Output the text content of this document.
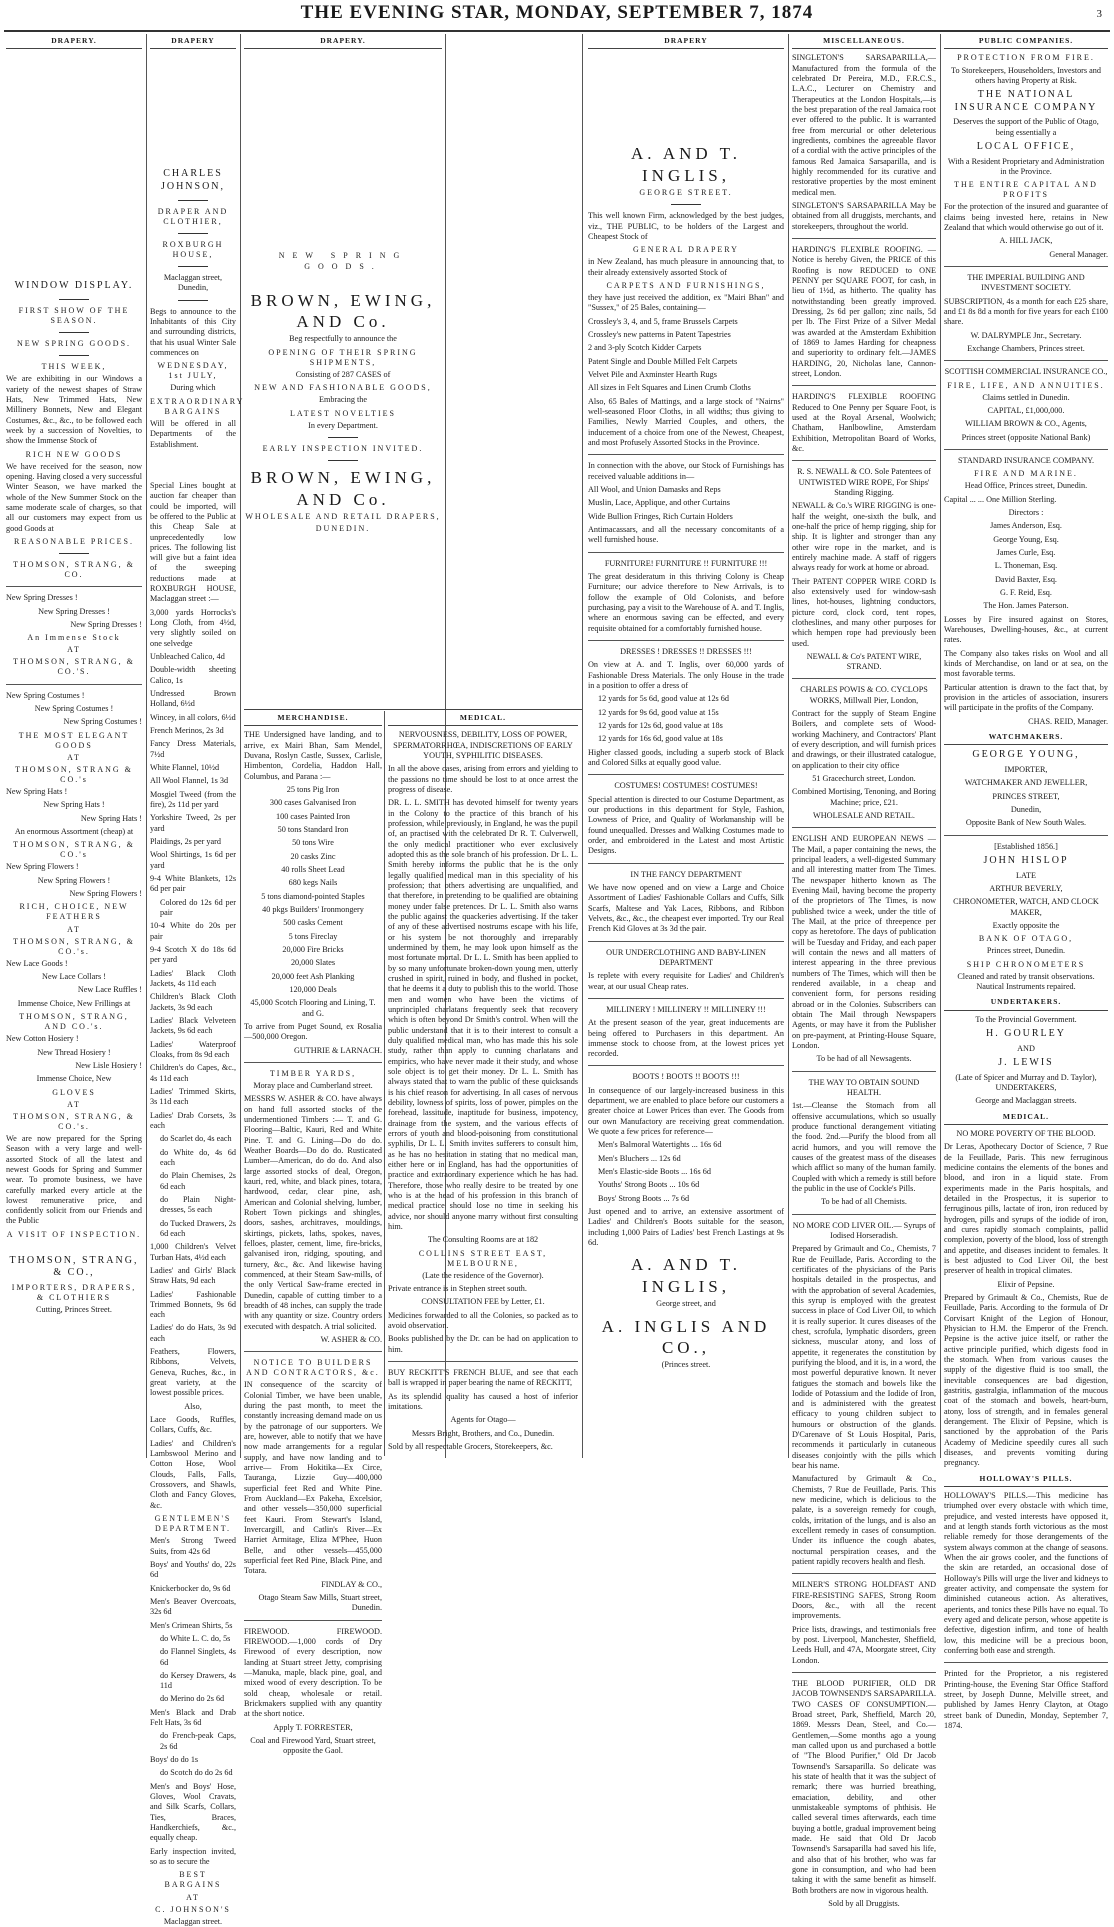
THE EVENING STAR, MONDAY, SEPTEMBER 7, 1874	3
DRAPERY.
WINDOW DISPLAY.
FIRST SHOW OF THE SEASON.
NEW SPRING GOODS.
THIS WEEK,
We are exhibiting in our Windows a variety of the newest shapes of Straw Hats, New Trimmed Hats, New Millinery Bonnets, New and Elegant Costumes, &c., &c., to be followed each week by a succession of Novelties, to show the Immense Stock of
RICH NEW GOODS
We have received for the season, now opening. Having closed a very successful Winter Season, we have marked the whole of the New Summer Stock on the same moderate scale of charges, so that all our customers may expect from us good Goods at
REASONABLE PRICES.
THOMSON, STRANG, & CO.
New Spring Dresses !
New Spring Dresses !
New Spring Dresses !
An Immense Stock
AT
THOMSON, STRANG, & CO.'S.
New Spring Costumes !
New Spring Costumes !
New Spring Costumes !
THE MOST ELEGANT GOODS
AT
THOMSON, STRANG & CO.'s
New Spring Hats !
New Spring Hats !
New Spring Hats !
An enormous Assortment (cheap) at
THOMSON, STRANG, & CO.'s
New Spring Flowers !
New Spring Flowers !
New Spring Flowers !
RICH, CHOICE, NEW FEATHERS
AT
THOMSON, STRANG, & CO.'s.
New Lace Goods !
New Lace Collars !
New Lace Ruffles !
Immense Choice, New Frillings at
THOMSON, STRANG, AND CO.'s.
New Cotton Hosiery !
New Thread Hosiery !
New Lisle Hosiery !
Immense Choice, New
GLOVES
AT
THOMSON, STRANG, & CO.'s.
We are now prepared for the Spring Season with a very large and well-assorted Stock of all the latest and newest Goods for Spring and Summer wear. To promote business, we have carefully marked every article at the lowest remunerative price, and confidently solicit from our Friends and the Public
A VISIT OF INSPECTION.
THOMSON, STRANG, & CO.,
IMPORTERS, DRAPERS, & CLOTHIERS
Cutting, Princes Street.
DRAPERY
CHARLES JOHNSON,
DRAPER AND CLOTHIER,
ROXBURGH HOUSE,
Maclaggan street, Dunedin,
Begs to announce to the Inhabitants of this City and surrounding districts, that his usual Winter Sale commences on
WEDNESDAY, 1st JULY,
During which
EXTRAORDINARY BARGAINS
Will be offered in all Departments of the Establishment.
Special Lines bought at auction far cheaper than could be imported, will be offered to the Public at this Cheap Sale at unprecedentedly low prices. The following list will give but a faint idea of the sweeping reductions made at ROXBURGH HOUSE, Maclaggan street :—
3,000 yards Horrocks's Long Cloth, from 4½d, very slightly soiled on one selvedge
Unbleached Calico, 4d
Double-width sheeting Calico, 1s
Undressed Brown Holland, 6½d
Wincey, in all colors, 6½d
French Merinos, 2s 3d
Fancy Dress Materials, 7½d
White Flannel, 10½d
All Wool Flannel, 1s 3d
Mosgiel Tweed (from the fire), 2s 11d per yard
Yorkshire Tweed, 2s per yard
Plaidings, 2s per yard
Wool Shirtings, 1s 6d per yard
9-4 White Blankets, 12s 6d per pair
Colored do 12s 6d per pair
10-4 White do 20s per pair
9-4 Scotch X do 18s 6d per yard
Ladies' Black Cloth Jackets, 4s 11d each
Children's Black Cloth Jackets, 3s 9d each
Ladies' Black Velveteen Jackets, 9s 6d each
Ladies' Waterproof Cloaks, from 8s 9d each
Children's do Capes, &c., 4s 11d each
Ladies' Trimmed Skirts, 3s 11d each
Ladies' Drab Corsets, 3s each
do Scarlet do, 4s each
do White do, 4s 6d each
do Plain Chemises, 2s 6d each
do Plain Night-dresses, 5s each
do Tucked Drawers, 2s 6d each
1,000 Children's Velvet Turban Hats, 4½d each
Ladies' and Girls' Black Straw Hats, 9d each
Ladies' Fashionable Trimmed Bonnets, 9s 6d each
Ladies' do do Hats, 3s 9d each
Feathers, Flowers, Ribbons, Velvets, Geneva, Ruches, &c., in great variety, at the lowest possible prices.
Also,
Lace Goods, Ruffles, Collars, Cuffs, &c.
Ladies' and Children's Lambswool Merino and Cotton Hose, Wool Clouds, Falls, Falls, Crossovers, and Shawls, Cloth and Fancy Gloves, &c.
GENTLEMEN'S DEPARTMENT.
Men's Strong Tweed Suits, from 42s 6d
Boys' and Youths' do, 22s 6d
Knickerbocker do, 9s 6d
Men's Beaver Overcoats, 32s 6d
Men's Crimean Shirts, 5s
do White L. C. do, 5s
do Flannel Singlets, 4s 6d
do Kersey Drawers, 4s 11d
do Merino do 2s 6d
Men's Black and Drab Felt Hats, 3s 6d
do French-peak Caps, 2s 6d
Boys' do do 1s
do Scotch do do 2s 6d
Men's and Boys' Hose, Gloves, Wool Cravats, and Silk Scarfs, Collars, Ties, Braces, Handkerchiefs, &c., equally cheap.
Early inspection invited, so as to secure the
BEST BARGAINS
AT
C. JOHNSON'S
Maclaggan street.
DRAPERY.
NEW SPRING GOODS.
BROWN, EWING, AND Co.
Beg respectfully to announce the
OPENING OF THEIR SPRING SHIPMENTS,
Consisting of 287 CASES of
NEW AND FASHIONABLE GOODS,
Embracing the
LATEST NOVELTIES
In every Department.
EARLY INSPECTION INVITED.
BROWN, EWING, AND Co.
WHOLESALE AND RETAIL DRAPERS,
DUNEDIN.
MERCHANDISE.
THE Undersigned have landing, and to arrive, ex Mairi Bhan, Sam Mendel, Duvana, Roslyn Castle, Sussex, Carlisle, Himbenton, Cordelia, Haddon Hall, Columbus, and Parana :—
25 tons Pig Iron
300 cases Galvanised Iron
100 cases Painted Iron
50 tons Standard Iron
50 tons Wire
20 casks Zinc
40 rolls Sheet Lead
680 kegs Nails
5 tons diamond-pointed Staples
40 pkgs Builders' Ironmongery
500 casks Cement
5 tons Fireclay
20,000 Fire Bricks
20,000 Slates
20,000 feet Ash Planking
120,000 Deals
45,000 Scotch Flooring and Lining, T. and G.
To arrive from Puget Sound, ex Rosalia —500,000 Oregon.
GUTHRIE & LARNACH.
TIMBER YARDS,
Moray place and Cumberland street.
MESSRS W. ASHER & CO. have always on hand full assorted stocks of the undermentioned Timbers :— T. and G. Flooring—Baltic, Kauri, Red and White Pine. T. and G. Lining—Do do do. Weather Boards—Do do do. Rusticated Lumber—American, do do do. And also large assorted stocks of deal, Oregon, kauri, red, white, and black pines, totara, hardwood, cedar, clear pine, ash, American and Colonial shelving, lumber, Robert Town pickings and shingles, doors, sashes, architraves, mouldings, skirtings, pickets, laths, spokes, naves, felloes, plaster, cement, lime, fire-bricks, galvanised iron, ridging, spouting, and turnery, &c., &c. And likewise having commenced, at their Steam Saw-mills, of the only Vertical Saw-frame erected in Dunedin, capable of cutting timber to a breadth of 48 inches, can supply the trade with any quantity or size. Country orders executed with despatch. A trial solicited.
W. ASHER & CO.
NOTICE TO BUILDERS AND CONTRACTORS, &c.
IN consequence of the scarcity of Colonial Timber, we have been unable, during the past month, to meet the constantly increasing demand made on us by the patronage of our supporters. We are, however, able to notify that we have now made arrangements for a regular supply, and have now landing and to arrive— From Hokitika—Ex Circe, Tauranga, Lizzie Guy—400,000 superficial feet Red and White Pine. From Auckland—Ex Pakeha, Excelsior, and other vessels—350,000 superficial feet Kauri. From Stewart's Island, Invercargill, and Catlin's River—Ex Harriet Armitage, Eliza M'Phee, Huon Belle, and other vessels—455,000 superficial feet Red Pine, Black Pine, and Totara.
FINDLAY & CO.,
Otago Steam Saw Mills, Stuart street, Dunedin.
FIREWOOD. FIREWOOD. FIREWOOD.—1,000 cords of Dry Firewood of every description, now landing at Stuart street Jetty, comprising—Manuka, maple, black pine, goal, and mixed wood of every description. To be sold cheap, wholesale or retail. Brickmakers supplied with any quantity at the short notice.
Apply T. FORRESTER,
Coal and Firewood Yard, Stuart street, opposite the Gaol.
MEDICAL.
NERVOUSNESS, DEBILITY, LOSS OF POWER, SPERMATORRHŒA, INDISCRETIONS OF EARLY YOUTH, SYPHILITIC DISEASES.
In all the above cases, arising from errors and yielding to the passions no time should be lost to at once arrest the progress of disease.
DR. L. L. SMITH has devoted himself for twenty years in the Colony to the practice of this branch of his profession, while previously, in England, he was the pupil of, an practised with the celebrated Dr R. T. Culverwell, the only medical practitioner who ever exclusively adopted this as the sole branch of his profession. Dr L. L. Smith hereby informs the public that he is the only legally qualified medical man in this speciality of his profession; that others advertising are unqualified, and that therefore, in pretending to be qualified are obtaining money under false pretences. Dr L. L. Smith also warns the public against the quackeries advertising. If the taker of any of these advertised nostrums escape with his life, or his system be not thoroughly and irreparably undermined by them, he may look upon himself as the most fortunate mortal. Dr L. L. Smith has been applied to by so many unfortunate broken-down young men, utterly crushed in spirit, ruined in body, and flushed in pocket, that he deems it a duty to publish this to the world. Those men and women who have been the victims of unprincipled charlatans frequently seek that recovery which is often beyond Dr Smith's control. When will the public understand that it is to their interest to consult a duly qualified medical man, who has made this his sole study, rather than apply to cunning charlatans and empirics, who have never made it their study, and whose sole object is to get their money. Dr L. L. Smith has always stated that to warn the public of these quicksands is his chief reason for advertising. In all cases of nervous debility, lowness of spirits, loss of power, pimples on the forehead, lassitude, inaptitude for business, impotency, drainage from the system, and the various effects of errors of youth and blood-poisoning from constitutional syphilis, Dr L. L. Smith invites sufferers to consult him, as he has no hesitation in stating that no medical man, either here or in England, has had the opportunities of practice and extraordinary experience which he has had. Therefore, those who really desire to be treated by one who is at the head of his profession in this branch of medical practice should lose no time in seeking his advice, nor should anyone marry without first consulting him.
The Consulting Rooms are at 182
COLLINS STREET EAST, MELBOURNE,
(Late the residence of the Governor).
Private entrance is in Stephen street south.
CONSULTATION FEE by Letter, £1.
Medicines forwarded to all the Colonies, so packed as to avoid observation.
Books published by the Dr. can be had on application to him.
BUY RECKITT'S FRENCH BLUE, and see that each ball is wrapped in paper bearing the name of RECKITT,
As its splendid quality has caused a host of inferior imitations.
Agents for Otago—
Messrs Bright, Brothers, and Co., Dunedin.
Sold by all respectable Grocers, Storekeepers, &c.
DRAPERY
A. AND T. INGLIS,
GEORGE STREET.
This well known Firm, acknowledged by the best judges, viz., THE PUBLIC, to be holders of the Largest and Cheapest Stock of
GENERAL DRAPERY
in New Zealand, has much pleasure in announcing that, to their already extensively assorted Stock of
CARPETS AND FURNISHINGS,
they have just received the addition, ex "Mairi Bhan" and "Sussex," of 25 Bales, containing—
Crossley's 3, 4, and 5, frame Brussels Carpets
Crossley's new patterns in Patent Tapestries
2 and 3-ply Scotch Kidder Carpets
Patent Single and Double Milled Felt Carpets
Velvet Pile and Axminster Hearth Rugs
All sizes in Felt Squares and Linen Crumb Cloths
Also, 65 Bales of Mattings, and a large stock of "Nairns" well-seasoned Floor Cloths, in all widths; thus giving to Families, Newly Married Couples, and others, the inducement of a choice from one of the Newest, Cheapest, and most Profusely Assorted Stocks in the Province.
In connection with the above, our Stock of Furnishings has received valuable additions in—
All Wool, and Union Damasks and Reps
Muslin, Lace, Applique, and other Curtains
Wide Bullion Fringes, Rich Curtain Holders
Antimacassars, and all the necessary concomitants of a well furnished house.
FURNITURE! FURNITURE !! FURNITURE !!!
The great desideratum in this thriving Colony is Cheap Furniture; our advice therefore to New Arrivals, is to follow the example of Old Colonists, and before purchasing, pay a visit to the Warehouse of A. and T. Inglis, where an enormous saving can be effected, and every requisite obtained for a comfortably furnished house.
DRESSES ! DRESSES !! DRESSES !!!
On view at A. and T. Inglis, over 60,000 yards of Fashionable Dress Materials. The only House in the trade in a position to offer a dress of
12 yards for 5s 6d, good value at 12s 6d
12 yards for 9s 6d, good value at 15s
12 yards for 12s 6d, good value at 18s
12 yards for 16s 6d, good value at 18s
Higher classed goods, including a superb stock of Black and Colored Silks at equally good value.
COSTUMES! COSTUMES! COSTUMES!
Special attention is directed to our Costume Department, as our productions in this department for Style, Fashion, Lowness of Price, and Quality of Workmanship will be found unequalled. Dresses and Walking Costumes made to order, and embroidered in the Latest and most Artistic Designs.
IN THE FANCY DEPARTMENT
We have now opened and on view a Large and Choice Assortment of Ladies' Fashionable Collars and Cuffs, Silk Scarfs, Maltese and Yak Laces, Ribbons, and Ribbon Velvets, &c., &c., the cheapest ever imported. Try our Real French Kid Gloves at 3s 3d the pair.
OUR UNDERCLOTHING AND BABY-LINEN DEPARTMENT
Is replete with every requisite for Ladies' and Children's wear, at our usual Cheap rates.
MILLINERY ! MILLINERY !! MILLINERY !!!
At the present season of the year, great inducements are being offered to Purchasers in this department. An immense stock to choose from, at the lowest prices yet recorded.
BOOTS ! BOOTS !! BOOTS !!!
In consequence of our largely-increased business in this department, we are enabled to place before our customers a greater choice at Lower Prices than ever. The Goods from our own Manufactory are receiving great commendation. We quote a few prices for reference—
Men's Balmoral Watertights ... 16s 6d
Men's Bluchers ... 12s 6d
Men's Elastic-side Boots ... 16s 6d
Youths' Strong Boots ... 10s 6d
Boys' Strong Boots ... 7s 6d
Just opened and to arrive, an extensive assortment of Ladies' and Children's Boots suitable for the season, including 1,000 Pairs of Ladies' best French Lastings at 9s 6d.
A. AND T. INGLIS,
George street, and
A. INGLIS AND CO.,
(Princes street.
MISCELLANEOUS.
SINGLETON'S SARSAPARILLA,— Manufactured from the formula of the celebrated Dr Pereira, M.D., F.R.C.S., L.A.C., Lecturer on Chemistry and Therapeutics at the London Hospitals,—is the best preparation of the real Jamaica root ever offered to the public. It is warranted free from mercurial or other deleterious ingredients, combines the agreeable flavor of a cordial with the active principles of the famous Red Jamaica Sarsaparilla, and is highly recommended for its curative and restorative properties by the most eminent medical men.
SINGLETON'S SARSAPARILLA May be obtained from all druggists, merchants, and storekeepers, throughout the world.
HARDING'S FLEXIBLE ROOFING. —Notice is hereby Given, the PRICE of this Roofing is now REDUCED to ONE PENNY per SQUARE FOOT, for cash, in lieu of 1½d, as hitherto. The quality has notwithstanding been greatly improved. Dressing, 2s 6d per gallon; zinc nails, 5d per lb. The First Prize of a Silver Medal was awarded at the Amsterdam Exhibition of 1869 to James Harding for cheapness and superiority to ordinary felt.—JAMES HARDING, 20, Nicholas lane, Cannon-street, London.
HARDING'S FLEXIBLE ROOFING Reduced to One Penny per Square Foot, is used at the Royal Arsenal, Woolwich; Chatham, Hanlbowline, Amsterdam Exhibition, Metropolitan Board of Works, &c.
R. S. NEWALL & CO. Sole Patentees of UNTWISTED WIRE ROPE, For Ships' Standing Rigging.
NEWALL & Co.'s WIRE RIGGING is one-half the weight, one-sixth the bulk, and one-half the price of hemp rigging, ship for ship. It is lighter and stronger than any other wire rope in the market, and is entirely machine made. A staff of riggers always ready for work at home or abroad.
Their PATENT COPPER WIRE CORD Is also extensively used for window-sash lines, hot-houses, lightning conductors, picture cord, clock cord, tent ropes, clotheslines, and many other purposes for which hempen rope had previously been used.
NEWALL & Co's PATENT WIRE, STRAND.
CHARLES POWIS & CO. CYCLOPS WORKS, Millwall Pier, London,
Contract for the supply of Steam Engine Boilers, and complete sets of Wood-working Machinery, and Contractors' Plant of every description, and will furnish prices and drawings, or their illustrated catalogue, on application to their city office
51 Gracechurch street, London.
Combined Mortising, Tenoning, and Boring Machine; price, £21.
WHOLESALE AND RETAIL.
ENGLISH AND EUROPEAN NEWS —The Mail, a paper containing the news, the principal leaders, a well-digested Summary and all interesting matter from The Times. The newspaper hitherto known as The Evening Mail, having become the property of the proprietors of The Times, is now published twice a week, under the title of The Mail, at the price of threepence per copy as heretofore. The days of publication will be Tuesday and Friday, and each paper will contain the news and all matters of interest appearing in the three previous numbers of The Times, which will then be rendered available, in a cheap and convenient form, for persons residing abroad or in the Colonies. Subscribers can obtain The Mail through Newspapers Agents, or may have it from the Publisher on pre-payment, at Printing-House Square, London.
To be had of all Newsagents.
THE WAY TO OBTAIN SOUND HEALTH.
1st.—Cleanse the Stomach from all offensive accumulations, which so usually produce functional derangement vitiating the food. 2nd.—Purify the blood from all acrid humors, and you will remove the causes of the greatest mass of the diseases which afflict so many of the human family. Coupled with which a remedy is still before the public in the use of Cockle's Pills.
To be had of all Chemists.
NO MORE COD LIVER OIL.— Syrups of Iodised Horseradish.
Prepared by Grimault and Co., Chemists, 7 Rue de Feuillade, Paris. According to the certificates of the physicians of the Paris hospitals detailed in the prospectus, and with the approbation of several Academies, this syrup is employed with the greatest success in place of Cod Liver Oil, to which it is really superior. It cures diseases of the chest, scrofula, lymphatic disorders, green sickness, muscular atony, and loss of appetite, it regenerates the constitution by purifying the blood, and it is, in a word, the most powerful depurative known. It never fatigues the stomach and bowels like the Iodide of Potassium and the Iodide of Iron, and is administered with the greatest efficacy to young children subject to humours or obstruction of the glands. D'Carenave of St Louis Hospital, Paris, recommends it particularly in cutaneous diseases conjointly with the pills which bear his name.
Manufactured by Grimault & Co., Chemists, 7 Rue de Feuillade, Paris. This new medicine, which is delicious to the palate, is a sovereign remedy for cough, colds, irritation of the lungs, and is also an excellent remedy in cases of consumption. Under its influence the cough abates, nocturnal perspiration ceases, and the patient rapidly recovers health and flesh.
MILNER'S STRONG HOLDFAST AND FIRE-RESISTING SAFES, Strong Room Doors, &c., with all the recent improvements.
Price lists, drawings, and testimonials free by post. Liverpool, Manchester, Sheffield, Leeds Hull, and 47A, Moorgate street, City London.
THE BLOOD PURIFIER, OLD DR JACOB TOWNSEND'S SARSAPARILLA. TWO CASES OF CONSUMPTION.—Broad street, Park, Sheffield, March 20, 1869. Messrs Dean, Steel, and Co.— Gentlemen,—Some months ago a young man called upon us and purchased a bottle of "The Blood Purifier," Old Dr Jacob Townsend's Sarsaparilla. So delicate was his state of health that it was the subject of remark; there was hurried breathing, emaciation, debility, and other unmistakeable symptoms of phthisis. He called several times afterwards, each time buying a bottle, gradual improvement being made. He said that Old Dr Jacob Townsend's Sarsaparilla had saved his life, and also that of his brother, who was far gone in consumption, and who had been taking it with the same benefit as himself. Both brothers are now in vigorous health.
Sold by all Druggists.
PUBLIC COMPANIES.
PROTECTION FROM FIRE.
To Storekeepers, Householders, Investors and others having Property at Risk.
THE NATIONAL INSURANCE COMPANY
Deserves the support of the Public of Otago, being essentially a
LOCAL OFFICE,
With a Resident Proprietary and Administration in the Province.
THE ENTIRE CAPITAL AND PROFITS
For the protection of the insured and guarantee of claims being invested here, retains in New Zealand that which would otherwise go out of it.
A. HILL JACK,
General Manager.
THE IMPERIAL BUILDING AND INVESTMENT SOCIETY.
SUBSCRIPTION, 4s a month for each £25 share, and £1 8s 8d a month for five years for each £100 share.
W. DALRYMPLE Jnr., Secretary.
Exchange Chambers, Princes street.
SCOTTISH COMMERCIAL INSURANCE CO.,
FIRE, LIFE, AND ANNUITIES.
Claims settled in Dunedin.
CAPITAL, £1,000,000.
WILLIAM BROWN & CO., Agents,
Princes street (opposite National Bank)
STANDARD INSURANCE COMPANY.
FIRE AND MARINE.
Head Office, Princes street, Dunedin.
Capital ... ... One Million Sterling.
Directors :
James Anderson, Esq.
George Young, Esq.
James Curle, Esq.
L. Thoneman, Esq.
David Baxter, Esq.
G. F. Reid, Esq.
The Hon. James Paterson.
Losses by Fire insured against on Stores, Warehouses, Dwelling-houses, &c., at current rates.
The Company also takes risks on Wool and all kinds of Merchandise, on land or at sea, on the most favorable terms.
Particular attention is drawn to the fact that, by provision in the articles of association, insurers will participate in the profits of the Company.
CHAS. REID, Manager.
WATCHMAKERS.
GEORGE YOUNG,
IMPORTER,
WATCHMAKER AND JEWELLER,
PRINCES STREET,
Dunedin,
Opposite Bank of New South Wales.
[Established 1856.]
JOHN HISLOP
LATE
ARTHUR BEVERLY,
CHRONOMETER, WATCH, AND CLOCK MAKER,
Exactly opposite the
BANK OF OTAGO,
Princes street, Dunedin.
SHIP CHRONOMETERS
Cleaned and rated by transit observations. Nautical Instruments repaired.
UNDERTAKERS.
To the Provincial Government.
H. GOURLEY
AND
J. LEWIS
(Late of Spicer and Murray and D. Taylor), UNDERTAKERS,
George and Maclaggan streets.
MEDICAL.
NO MORE POVERTY OF THE BLOOD.
Dr Leras, Apothecary Doctor of Science, 7 Rue de la Feuillade, Paris. This new ferruginous medicine contains the elements of the bones and blood, and iron in a liquid state. From experiments made in the Paris hospitals, and detailed in the Prospectus, it is superior to ferruginous pills, lactate of iron, iron reduced by hydrogen, pills and syrups of the iodide of iron, and cures rapidly stomach complaints, pallid complexion, poverty of the blood, loss of strength and appetite, and diseases incident to females. It is best adjusted to Cod Liver Oil, the best preserver of health in tropical climates.
Elixir of Pepsine.
Prepared by Grimault & Co., Chemists, Rue de Feuillade, Paris. According to the formula of Dr Corvisart Knight of the Legion of Honour, Physician to H.M. the Emperor of the French. Pepsine is the active juice itself, or rather the active principle purified, which digests food in the stomach. When from various causes the supply of the digestive fluid is too small, the inevitable consequences are bad digestion, gastritis, gastralgia, inflammation of the mucous coat of the stomach and bowels, heart-burn, atony, loss of strength, and in females general derangement. The Elixir of Pepsine, which is sanctioned by the approbation of the Paris Academy of Medicine speedily cures all such diseases, and prevents vomiting during pregnancy.
HOLLOWAY'S PILLS.
HOLLOWAY'S PILLS.—This medicine has triumphed over every obstacle with which time, prejudice, and vested interests have opposed it, and at length stands forth victorious as the most reliable remedy for those derangements of the system always common at the change of seasons. When the air grows cooler, and the functions of the skin are retarded, an occasional dose of Holloway's Pills will urge the liver and kidneys to greater activity, and compensate the system for diminished cutaneous action. As alteratives, aperients, and tonics these Pills have no equal. To every aged and delicate person, whose appetite is defective, digestion infirm, and tone of health low, this medicine will be a precious boon, conferring both ease and strength.
Printed for the Proprietor, a nis registered Printing-house, the Evening Star Office Stafford street, by Joseph Dunne, Melville street, and published by James Henry Clayton, at Otago street bank of Dunedin, Monday, September 7, 1874.
